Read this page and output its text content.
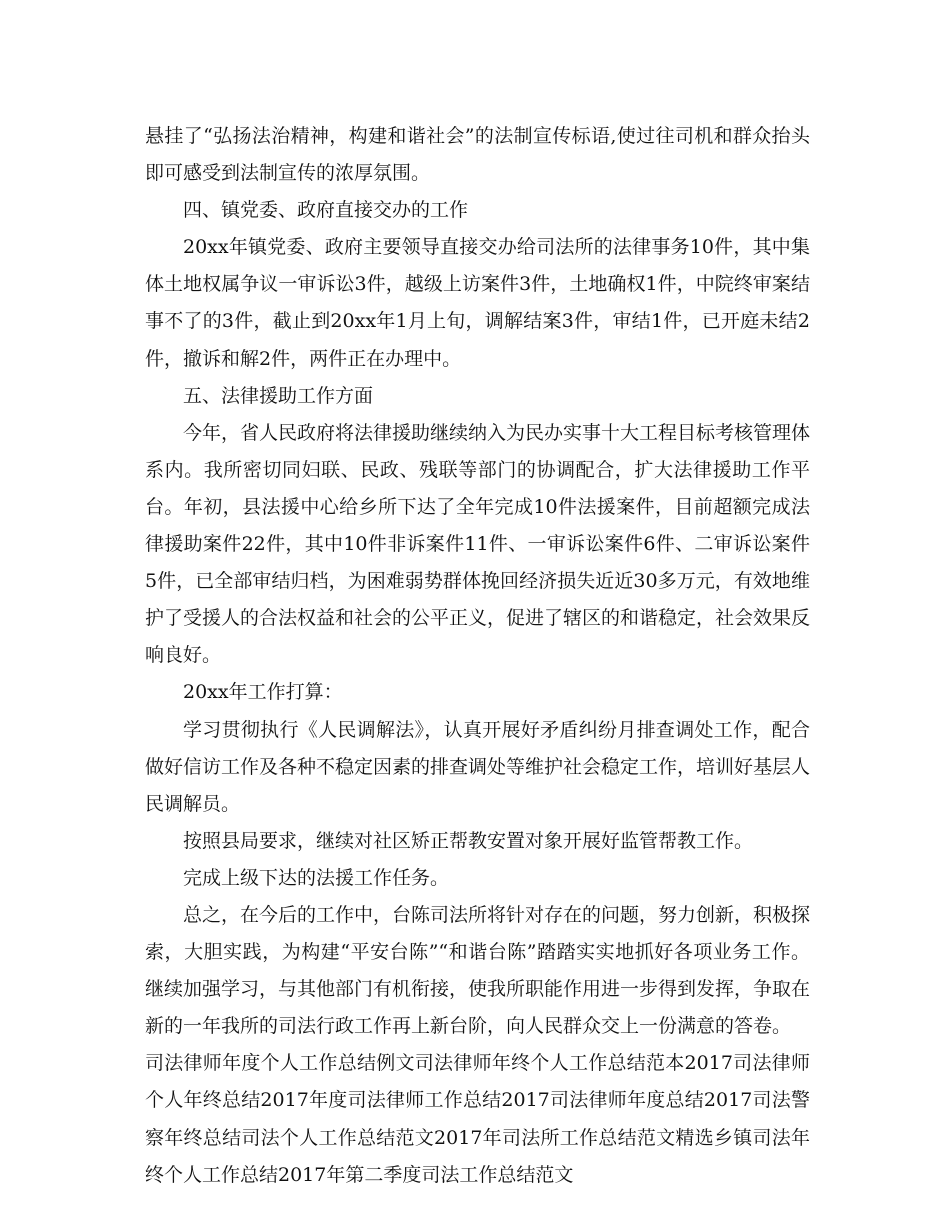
悬挂了“弘扬法治精神，构建和谐社会”的法制宣传标语,使过往司机和群众抬头即可感受到法制宣传的浓厚氛围。

四、镇党委、政府直接交办的工作

20xx年镇党委、政府主要领导直接交办给司法所的法律事务10件，其中集体土地权属争议一审诉讼3件，越级上访案件3件，土地确权1件，中院终审案结事不了的3件，截止到20xx年1月上旬，调解结案3件，审结1件，已开庭未结2件，撤诉和解2件，两件正在办理中。

五、法律援助工作方面

今年，省人民政府将法律援助继续纳入为民办实事十大工程目标考核管理体系内。我所密切同妇联、民政、残联等部门的协调配合，扩大法律援助工作平台。年初，县法援中心给乡所下达了全年完成10件法援案件，目前超额完成法律援助案件22件，其中10件非诉案件11件、一审诉讼案件6件、二审诉讼案件5件，已全部审结归档，为困难弱势群体挽回经济损失近近30多万元，有效地维护了受援人的合法权益和社会的公平正义，促进了辖区的和谐稳定，社会效果反响良好。

20xx年工作打算：

学习贯彻执行《人民调解法》，认真开展好矛盾纠纷月排查调处工作，配合做好信访工作及各种不稳定因素的排查调处等维护社会稳定工作，培训好基层人民调解员。

按照县局要求，继续对社区矫正帮教安置对象开展好监管帮教工作。

完成上级下达的法援工作任务。

总之，在今后的工作中，台陈司法所将针对存在的问题，努力创新，积极探索，大胆实践，为构建“平安台陈”“和谐台陈”踏踏实实地抓好各项业务工作。继续加强学习，与其他部门有机衔接，使我所职能作用进一步得到发挥，争取在新的一年我所的司法行政工作再上新台阶，向人民群众交上一份满意的答卷。

司法律师年度个人工作总结例文司法律师年终个人工作总结范本2017司法律师个人年终总结2017年度司法律师工作总结2017司法律师年度总结2017司法警察年终总结司法个人工作总结范文2017年司法所工作总结范文精选乡镇司法年终个人工作总结2017年第二季度司法工作总结范文
